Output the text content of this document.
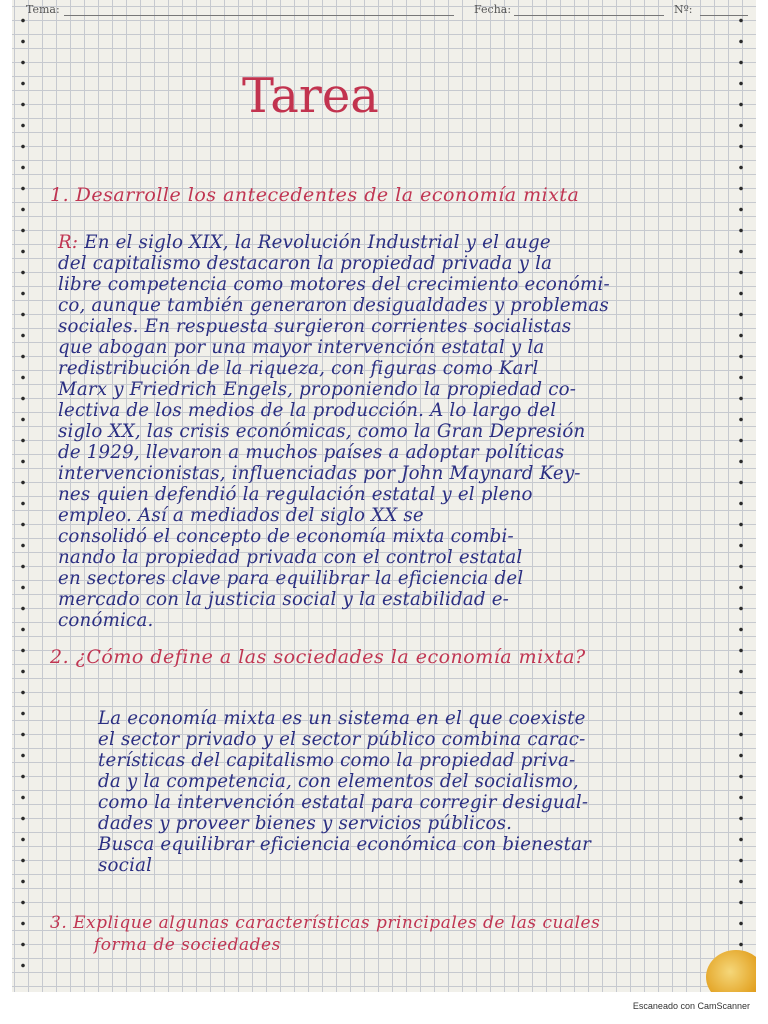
Tema:	Fecha:	Nº:
Tarea
1. Desarrolle los antecedentes de la economía mixta
R: En el siglo XIX, la Revolución Industrial y el auge
del capitalismo destacaron la propiedad privada y la
libre competencia como motores del crecimiento económi-
co, aunque también generaron desigualdades y problemas
sociales. En respuesta surgieron corrientes socialistas
que abogan por una mayor intervención estatal y la
redistribución de la riqueza, con figuras como Karl
Marx y Friedrich Engels, proponiendo la propiedad co-
lectiva de los medios de la producción. A lo largo del
siglo XX, las crisis económicas, como la Gran Depresión
de 1929, llevaron a muchos países a adoptar políticas
intervencionistas, influenciadas por John Maynard Key-
nes quien defendió la regulación estatal y el pleno
empleo. Así a mediados del siglo XX se
consolidó el concepto de economía mixta combi-
nando la propiedad privada con el control estatal
en sectores clave para equilibrar la eficiencia del
mercado con la justicia social y la estabilidad e-
conómica.
2. ¿Cómo define a las sociedades la economía mixta?
La economía mixta es un sistema en el que coexiste
el sector privado y el sector público combina carac-
terísticas del capitalismo como la propiedad priva-
da y la competencia, con elementos del socialismo,
como la intervención estatal para corregir desigual-
dades y proveer bienes y servicios públicos.
Busca equilibrar eficiencia económica con bienestar
social
3. Explique algunas características principales de las cuales
forma de sociedades
Escaneado con CamScanner
